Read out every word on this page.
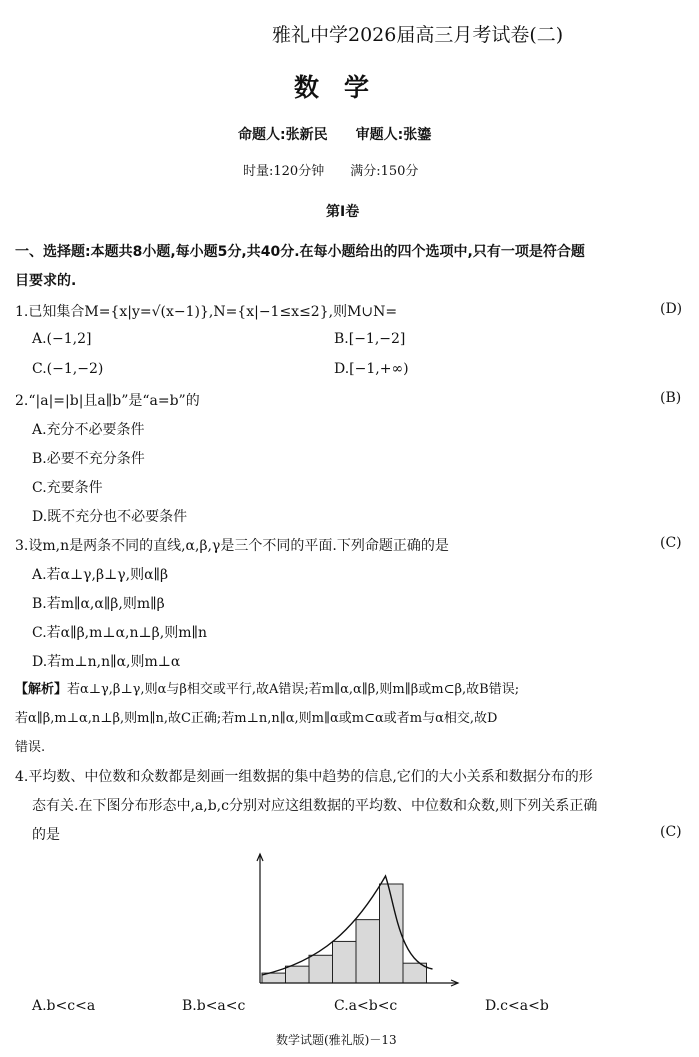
雅礼中学2026届高三月考试卷(二)
数　学
命题人:张新民　　审题人:张鎏
时量:120分钟　　满分:150分
第Ⅰ卷
一、选择题:本题共8小题,每小题5分,共40分.在每小题给出的四个选项中,只有一项是符合题
目要求的.
1.已知集合M={x|y=√(x−1)},N={x|−1≤x≤2},则M∪N=	(D)
A.(−1,2]	B.[−1,−2]
C.(−1,−2)	D.[−1,+∞)
2.“|a|=|b|且a∥b”是“a=b”的	(B)
A.充分不必要条件
B.必要不充分条件
C.充要条件
D.既不充分也不必要条件
3.设m,n是两条不同的直线,α,β,γ是三个不同的平面.下列命题正确的是	(C)
A.若α⊥γ,β⊥γ,则α∥β
B.若m∥α,α∥β,则m∥β
C.若α∥β,m⊥α,n⊥β,则m∥n
D.若m⊥n,n∥α,则m⊥α
【解析】若α⊥γ,β⊥γ,则α与β相交或平行,故A错误;若m∥α,α∥β,则m∥β或m⊂β,故B错误;
若α∥β,m⊥α,n⊥β,则m∥n,故C正确;若m⊥n,n∥α,则m∥α或m⊂α或者m与α相交,故D
错误.
4.平均数、中位数和众数都是刻画一组数据的集中趋势的信息,它们的大小关系和数据分布的形
态有关.在下图分布形态中,a,b,c分别对应这组数据的平均数、中位数和众数,则下列关系正确
的是	(C)
A.b<c<a	B.b<a<c	C.a<b<c	D.c<a<b
数学试题(雅礼版)－13
